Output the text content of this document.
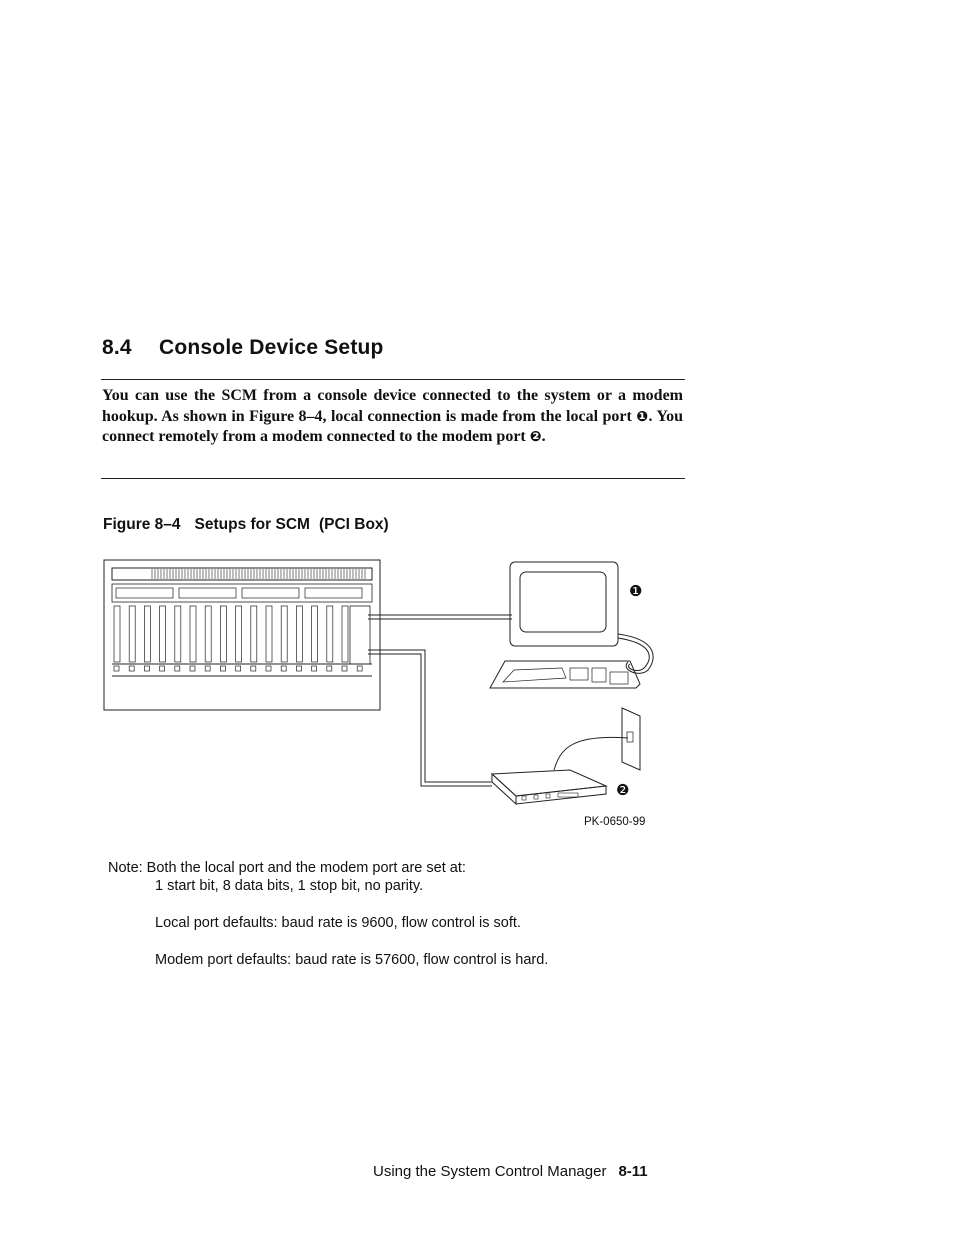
8.4 Console Device Setup
You can use the SCM from a console device connected to the system or a modem hookup. As shown in Figure 8–4, local connection is made from the local port ❶. You connect remotely from a modem connected to the modem port ❷.
Figure 8–4 Setups for SCM (PCI Box)
❶
❷
PK-0650-99
Note: Both the local port and the modem port are set at:
1 start bit, 8 data bits, 1 stop bit, no parity.
Local port defaults: baud rate is 9600, flow control is soft.
Modem port defaults: baud rate is 57600, flow control is hard.
Using the System Control Manager 8-11
